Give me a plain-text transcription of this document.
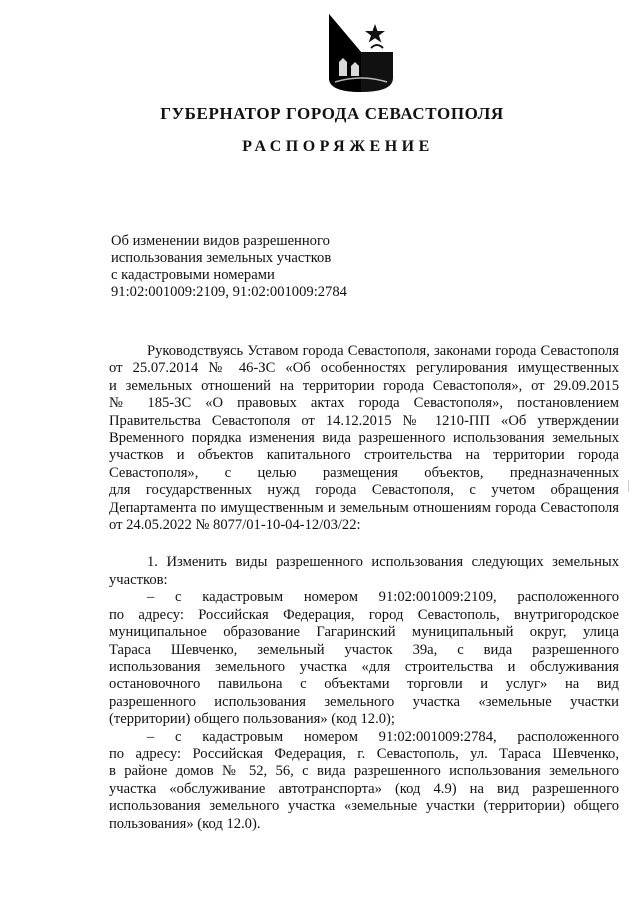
ГУБЕРНАТОР ГОРОДА СЕВАСТОПОЛЯ
РАСПОРЯЖЕНИЕ
Об изменении видов разрешенного
использования земельных участков
с кадастровыми номерами
91:02:001009:2109, 91:02:001009:2784
Руководствуясь Уставом города Севастополя, законами города Севастополя
от 25.07.2014 № 46-ЗС «Об особенностях регулирования имущественных
и земельных отношений на территории города Севастополя», от 29.09.2015
№ 185-ЗС «О правовых актах города Севастополя», постановлением
Правительства Севастополя от 14.12.2015 № 1210-ПП «Об утверждении
Временного порядка изменения вида разрешенного использования земельных
участков и объектов капитального строительства на территории города
Севастополя», с целью размещения объектов, предназначенных
для государственных нужд города Севастополя, с учетом обращения
Департамента по имущественным и земельным отношениям города Севастополя
от 24.05.2022 № 8077/01-10-04-12/03/22:
1. Изменить виды разрешенного использования следующих земельных
участков:
– с кадастровым номером 91:02:001009:2109, расположенного
по адресу: Российская Федерация, город Севастополь, внутригородское
муниципальное образование Гагаринский муниципальный округ, улица
Тараса Шевченко, земельный участок 39а, с вида разрешенного
использования земельного участка «для строительства и обслуживания
остановочного павильона с объектами торговли и услуг» на вид
разрешенного использования земельного участка «земельные участки
(территории) общего пользования» (код 12.0);
– с кадастровым номером 91:02:001009:2784, расположенного
по адресу: Российская Федерация, г. Севастополь, ул. Тараса Шевченко,
в районе домов № 52, 56, с вида разрешенного использования земельного
участка «обслуживание автотранспорта» (код 4.9) на вид разрешенного
использования земельного участка «земельные участки (территории) общего
пользования» (код 12.0).
